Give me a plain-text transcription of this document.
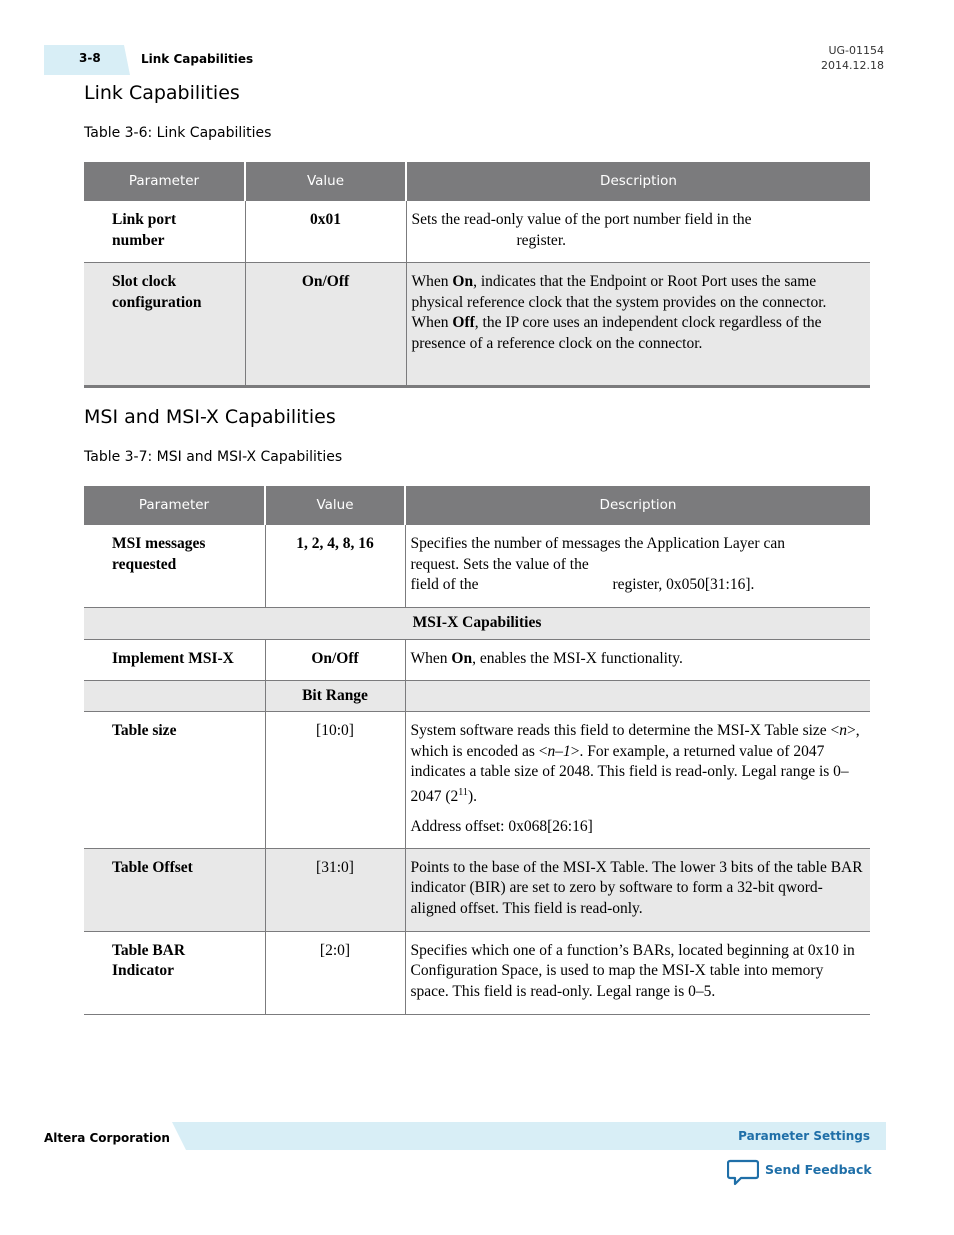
3-8	Link Capabilities
UG-01154
2014.12.18
Link Capabilities
Table 3-6: Link Capabilities
Parameter	Value	Description
Link port
number	0x01	Sets the read-only value of the port number field in the
register.
Slot clock
configuration	On/Off	When On, indicates that the Endpoint or Root Port uses the same physical reference clock that the system provides on the connector. When Off, the IP core uses an independent clock regardless of the presence of a reference clock on the connector.
MSI and MSI-X Capabilities
Table 3-7: MSI and MSI-X Capabilities
Parameter	Value	Description
MSI messages
requested	1, 2, 4, 8, 16	Specifies the number of messages the Application Layer can
request. Sets the value of the
field of the register, 0x050[31:16].
MSI-X Capabilities		
Implement MSI-X	On/Off	When On, enables the MSI-X functionality.
	Bit Range	
Table size	[10:0]	System software reads this field to determine the MSI-X Table size <n>, which is encoded as <n–1>. For example, a returned value of 2047 indicates a table size of 2048. This field is read-only. Legal range is 0–2047 $(2^{11})$.
Address offset: 0x068[26:16]

Table Offset	[31:0]	Points to the base of the MSI-X Table. The lower 3 bits of the table BAR indicator (BIR) are set to zero by software to form a 32-bit qword-aligned offset. This field is read-only.
Table BAR
Indicator	[2:0]	Specifies which one of a function’s BARs, located beginning at 0x10 in Configuration Space, is used to map the MSI-X table into memory space. This field is read-only. Legal range is 0–5.
Altera Corporation	Parameter Settings
Send Feedback
